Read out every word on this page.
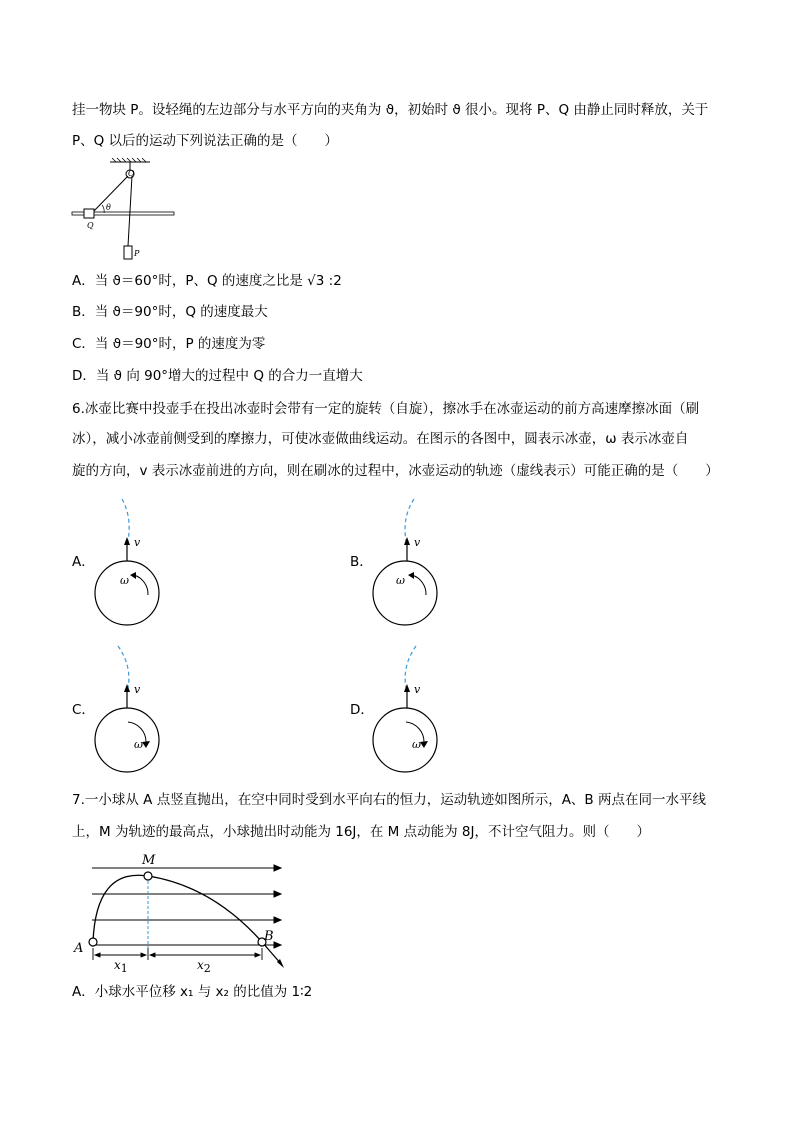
挂一物块 P。设轻绳的左边部分与水平方向的夹角为 ϑ，初始时 ϑ 很小。现将 P、Q 由静止同时释放，关于
P、Q 以后的运动下列说法正确的是（　　）
O
Q
θ
P
A．当 ϑ＝60°时，P、Q 的速度之比是 √3 :2
B．当 ϑ＝90°时，Q 的速度最大
C．当 ϑ＝90°时，P 的速度为零
D．当 ϑ 向 90°增大的过程中 Q 的合力一直增大
6.冰壶比赛中投壶手在投出冰壶时会带有一定的旋转（自旋），擦冰手在冰壶运动的前方高速摩擦冰面（刷
冰），减小冰壶前侧受到的摩擦力，可使冰壶做曲线运动。在图示的各图中，圆表示冰壶，ω 表示冰壶自
旋的方向，v 表示冰壶前进的方向，则在刷冰的过程中，冰壶运动的轨迹（虚线表示）可能正确的是（　　）
A．
v
ω
B．
v
ω
C．
v
ω
D．
v
ω
7.一小球从 A 点竖直抛出，在空中同时受到水平向右的恒力，运动轨迹如图所示，A、B 两点在同一水平线
上，M 为轨迹的最高点，小球抛出时动能为 16J，在 M 点动能为 8J，不计空气阻力。则（　　）
M
A
B
x1	x2
A．小球水平位移 x₁ 与 x₂ 的比值为 1∶2
